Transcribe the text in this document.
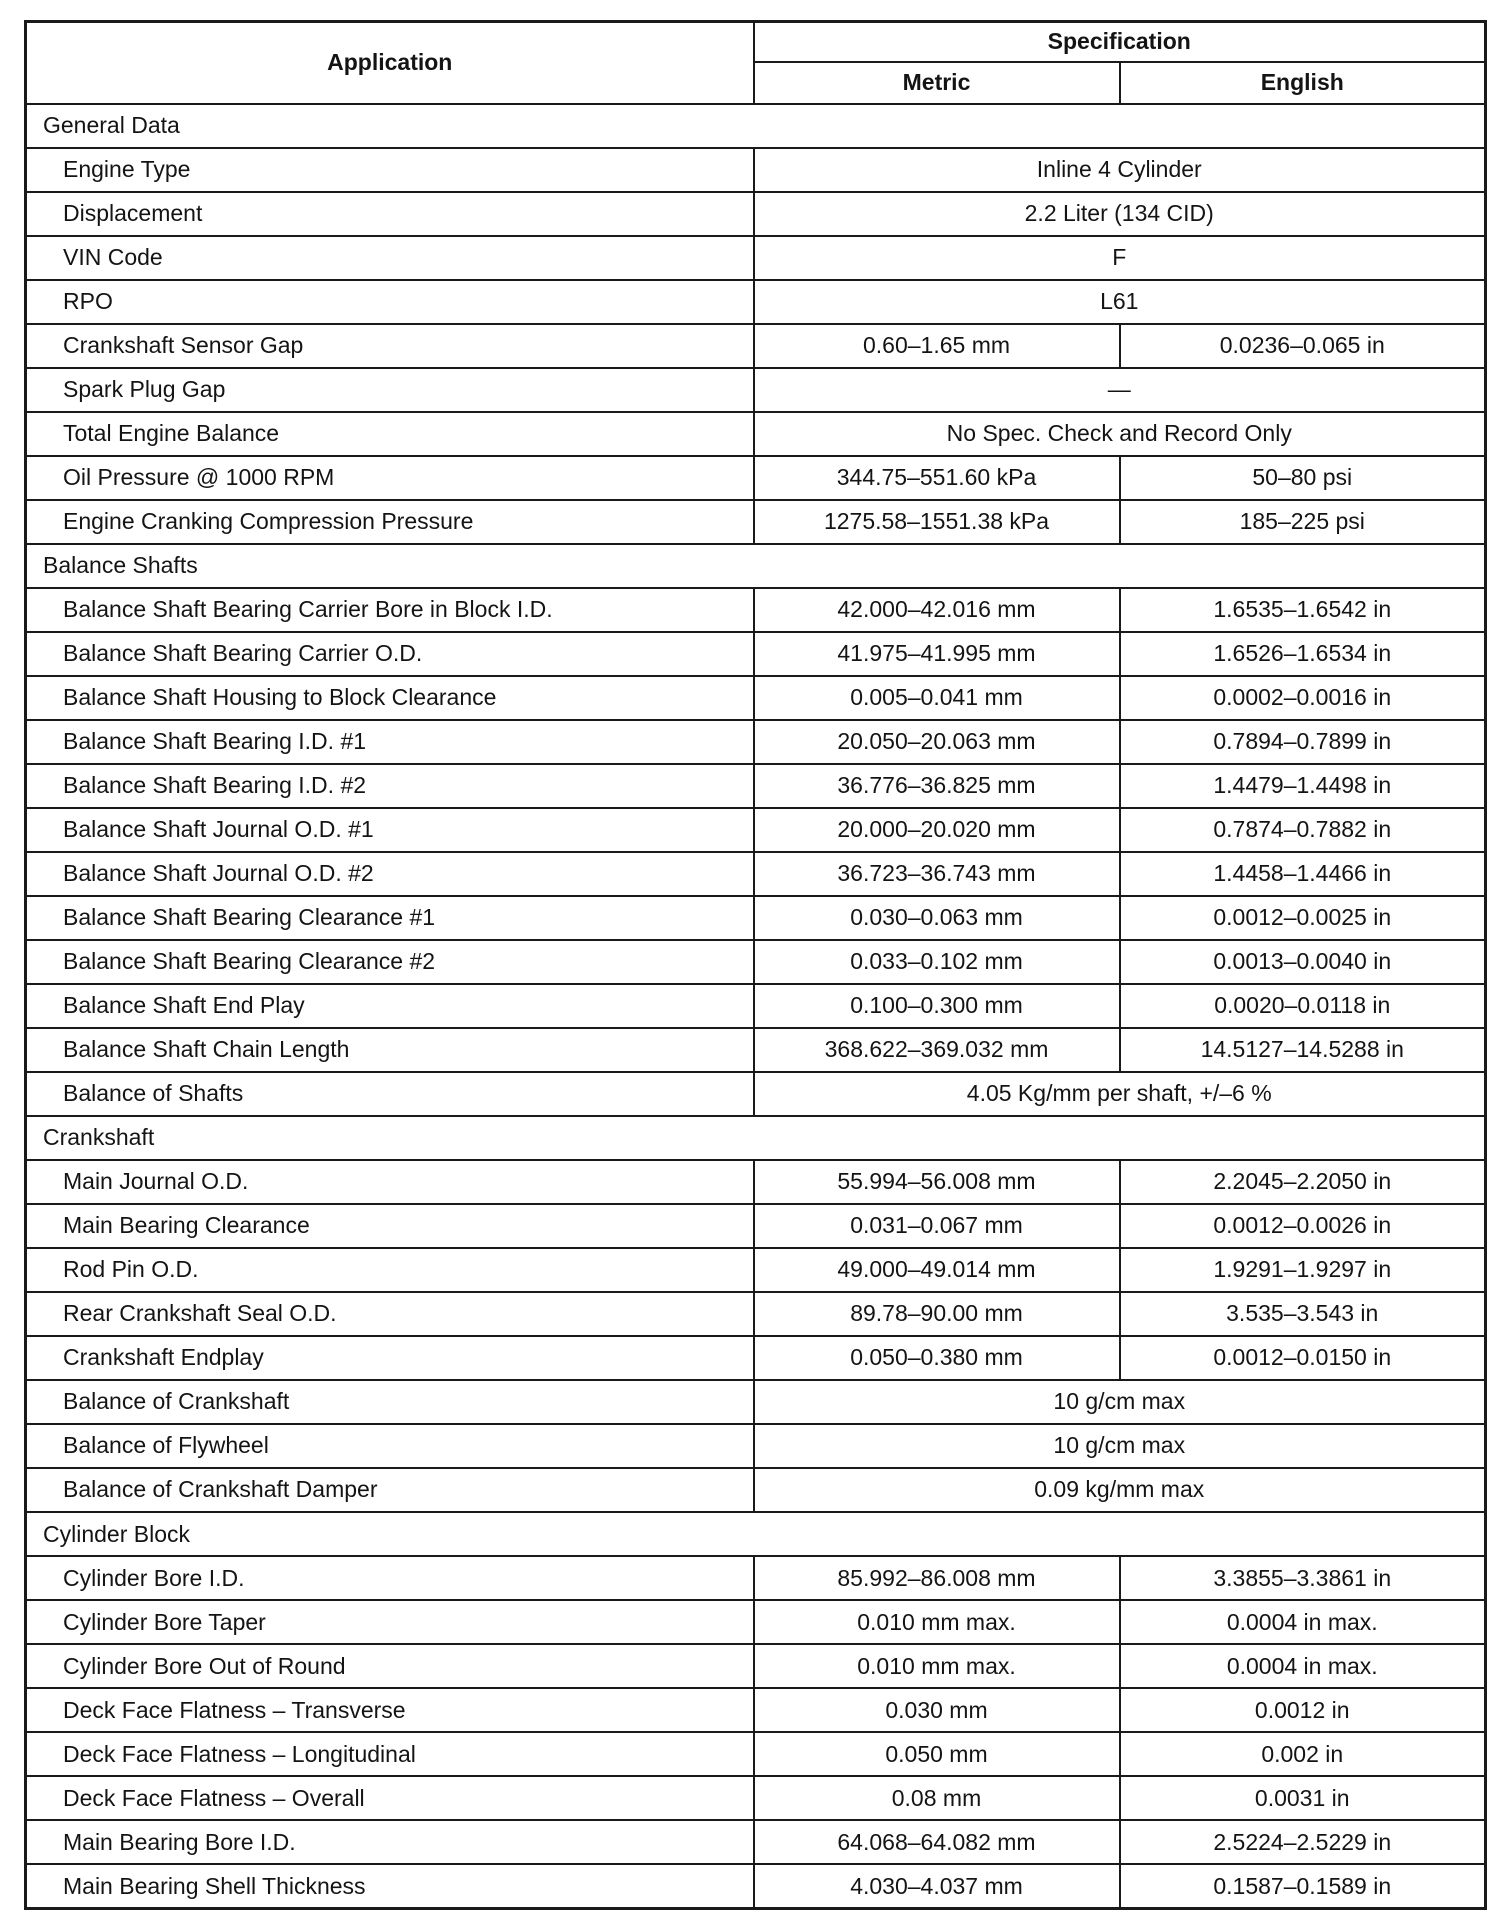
Application	Specification	
	Metric	English
General Data		
Engine Type	Inline 4 Cylinder	
Displacement	2.2 Liter (134 CID)	
VIN Code	F	
RPO	L61	
Crankshaft Sensor Gap	0.60–1.65 mm	0.0236–0.065 in
Spark Plug Gap	—	
Total Engine Balance	No Spec. Check and Record Only	
Oil Pressure @ 1000 RPM	344.75–551.60 kPa	50–80 psi
Engine Cranking Compression Pressure	1275.58–1551.38 kPa	185–225 psi
Balance Shafts		
Balance Shaft Bearing Carrier Bore in Block I.D.	42.000–42.016 mm	1.6535–1.6542 in
Balance Shaft Bearing Carrier O.D.	41.975–41.995 mm	1.6526–1.6534 in
Balance Shaft Housing to Block Clearance	0.005–0.041 mm	0.0002–0.0016 in
Balance Shaft Bearing I.D. #1	20.050–20.063 mm	0.7894–0.7899 in
Balance Shaft Bearing I.D. #2	36.776–36.825 mm	1.4479–1.4498 in
Balance Shaft Journal O.D. #1	20.000–20.020 mm	0.7874–0.7882 in
Balance Shaft Journal O.D. #2	36.723–36.743 mm	1.4458–1.4466 in
Balance Shaft Bearing Clearance #1	0.030–0.063 mm	0.0012–0.0025 in
Balance Shaft Bearing Clearance #2	0.033–0.102 mm	0.0013–0.0040 in
Balance Shaft End Play	0.100–0.300 mm	0.0020–0.0118 in
Balance Shaft Chain Length	368.622–369.032 mm	14.5127–14.5288 in
Balance of Shafts	4.05 Kg/mm per shaft, +/–6 %	
Crankshaft		
Main Journal O.D.	55.994–56.008 mm	2.2045–2.2050 in
Main Bearing Clearance	0.031–0.067 mm	0.0012–0.0026 in
Rod Pin O.D.	49.000–49.014 mm	1.9291–1.9297 in
Rear Crankshaft Seal O.D.	89.78–90.00 mm	3.535–3.543 in
Crankshaft Endplay	0.050–0.380 mm	0.0012–0.0150 in
Balance of Crankshaft	10 g/cm max	
Balance of Flywheel	10 g/cm max	
Balance of Crankshaft Damper	0.09 kg/mm max	
Cylinder Block		
Cylinder Bore I.D.	85.992–86.008 mm	3.3855–3.3861 in
Cylinder Bore Taper	0.010 mm max.	0.0004 in max.
Cylinder Bore Out of Round	0.010 mm max.	0.0004 in max.
Deck Face Flatness – Transverse	0.030 mm	0.0012 in
Deck Face Flatness – Longitudinal	0.050 mm	0.002 in
Deck Face Flatness – Overall	0.08 mm	0.0031 in
Main Bearing Bore I.D.	64.068–64.082 mm	2.5224–2.5229 in
Main Bearing Shell Thickness	4.030–4.037 mm	0.1587–0.1589 in
